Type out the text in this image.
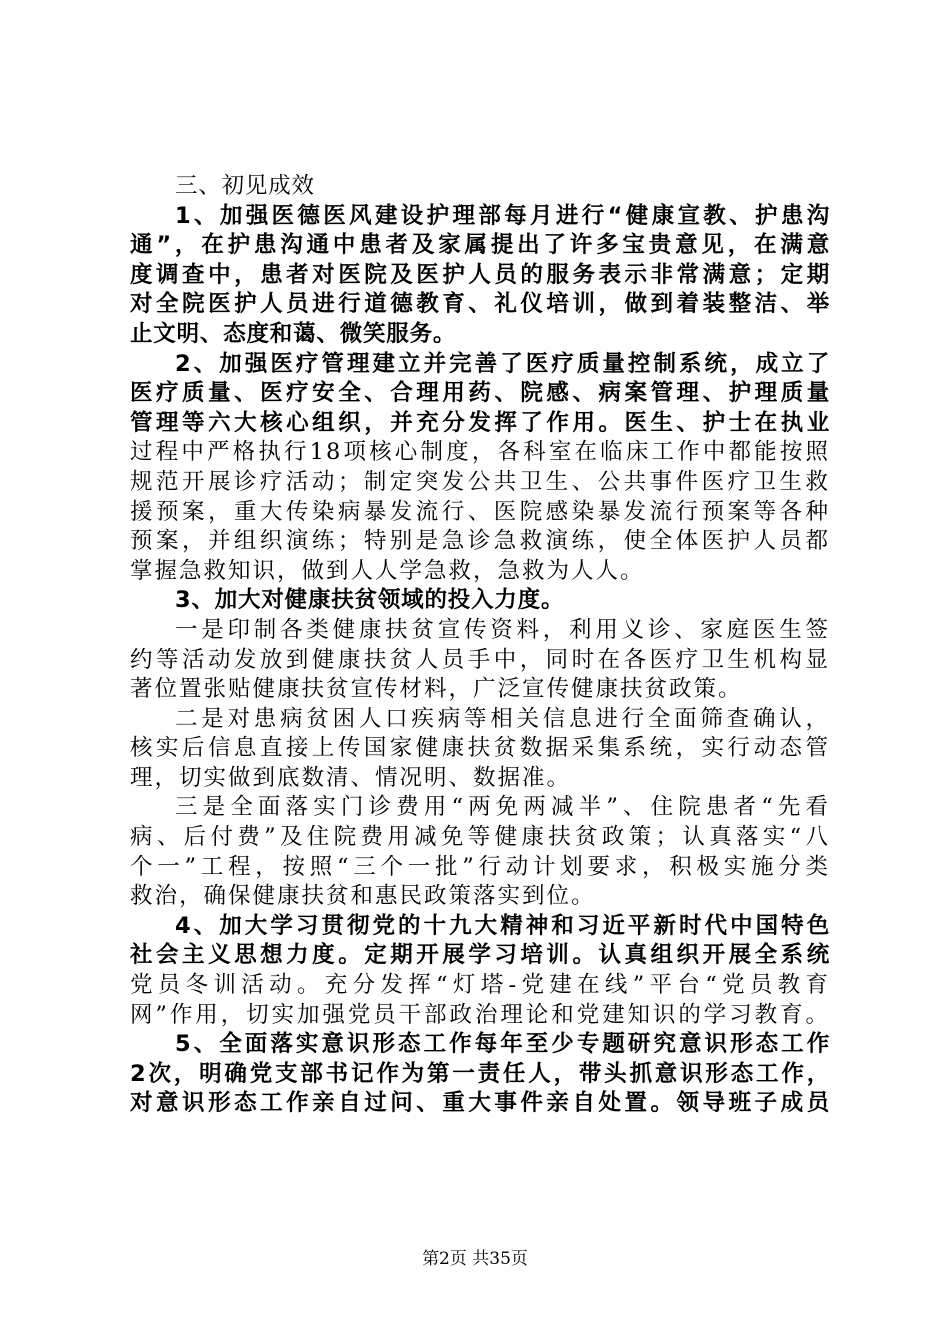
三、初见成效
1、加强医德医风建设护理部每月进行“健康宣教、护患沟
通”，在护患沟通中患者及家属提出了许多宝贵意见，在满意
度调查中，患者对医院及医护人员的服务表示非常满意；定期
对全院医护人员进行道德教育、礼仪培训，做到着装整洁、举
止文明、态度和蔼、微笑服务。
2、加强医疗管理建立并完善了医疗质量控制系统，成立了
医疗质量、医疗安全、合理用药、院感、病案管理、护理质量
管理等六大核心组织，并充分发挥了作用。医生、护士在执业
过程中严格执行18项核心制度，各科室在临床工作中都能按照
规范开展诊疗活动；制定突发公共卫生、公共事件医疗卫生救
援预案，重大传染病暴发流行、医院感染暴发流行预案等各种
预案，并组织演练；特别是急诊急救演练，使全体医护人员都
掌握急救知识，做到人人学急救，急救为人人。
3、加大对健康扶贫领域的投入力度。
一是印制各类健康扶贫宣传资料，利用义诊、家庭医生签
约等活动发放到健康扶贫人员手中，同时在各医疗卫生机构显
著位置张贴健康扶贫宣传材料，广泛宣传健康扶贫政策。
二是对患病贫困人口疾病等相关信息进行全面筛查确认，
核实后信息直接上传国家健康扶贫数据采集系统，实行动态管
理，切实做到底数清、情况明、数据准。
三是全面落实门诊费用“两免两减半”、住院患者“先看
病、后付费”及住院费用减免等健康扶贫政策；认真落实“八
个一”工程，按照“三个一批”行动计划要求，积极实施分类
救治，确保健康扶贫和惠民政策落实到位。
4、加大学习贯彻党的十九大精神和习近平新时代中国特色
社会主义思想力度。定期开展学习培训。认真组织开展全系统
党员冬训活动。充分发挥“灯塔-党建在线”平台“党员教育
网”作用，切实加强党员干部政治理论和党建知识的学习教育。
5、全面落实意识形态工作每年至少专题研究意识形态工作
2次，明确党支部书记作为第一责任人，带头抓意识形态工作，
对意识形态工作亲自过问、重大事件亲自处置。领导班子成员
第2页 共35页
